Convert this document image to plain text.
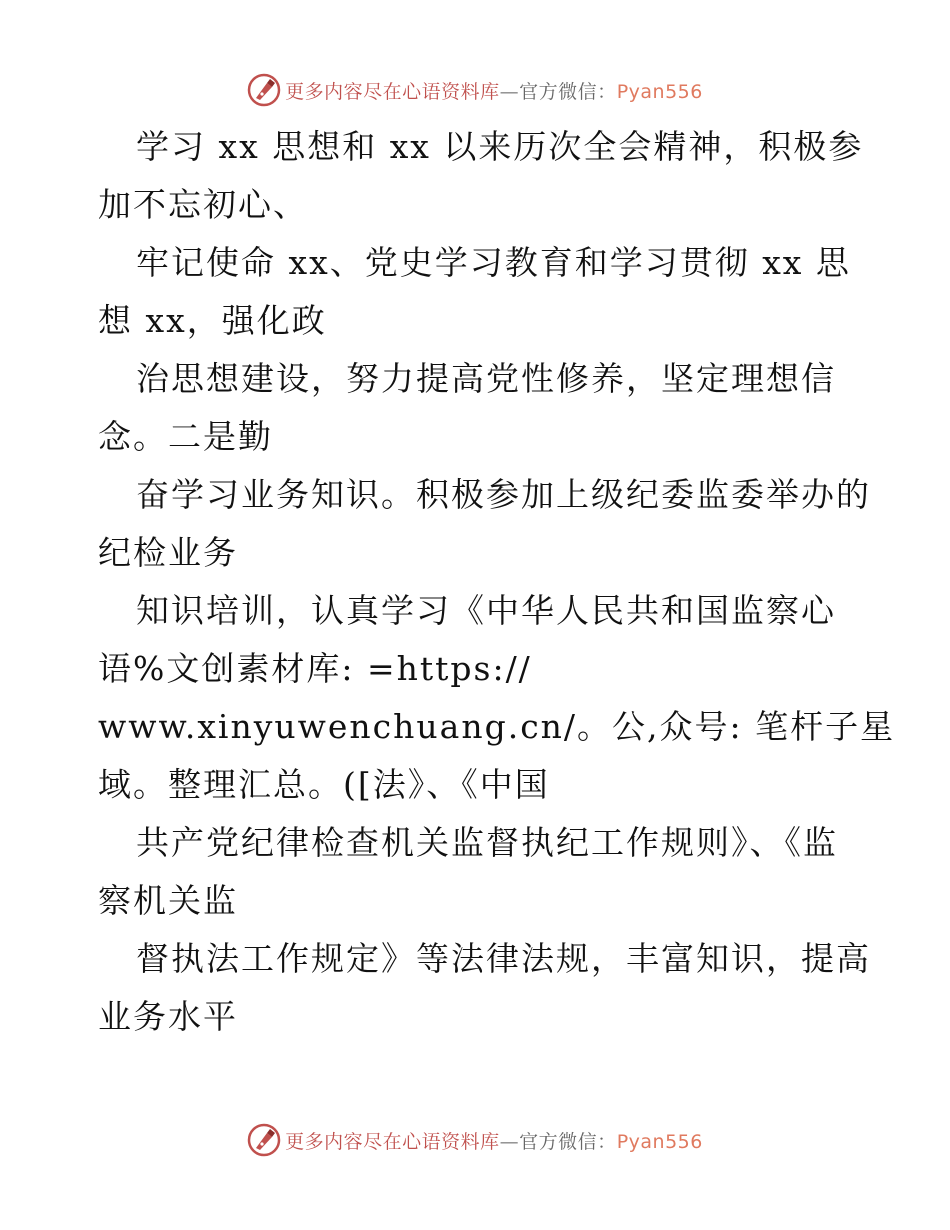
更多内容尽在心语资料库—官方微信：Pyan556
学习 xx 思想和 xx 以来历次全会精神，积极参
加不忘初心、
牢记使命 xx、党史学习教育和学习贯彻 xx 思
想 xx，强化政
治思想建设，努力提高党性修养，坚定理想信
念。二是勤
奋学习业务知识。积极参加上级纪委监委举办的
纪检业务
知识培训，认真学习《中华人民共和国监察心
语%文创素材库: =https://
www.xinyuwenchuang.cn/。公,众号: 笔杆子星
域。整理汇总。([法》、《中国
共产党纪律检查机关监督执纪工作规则》、《监
察机关监
督执法工作规定》等法律法规，丰富知识，提高
业务水平
更多内容尽在心语资料库—官方微信：Pyan556
